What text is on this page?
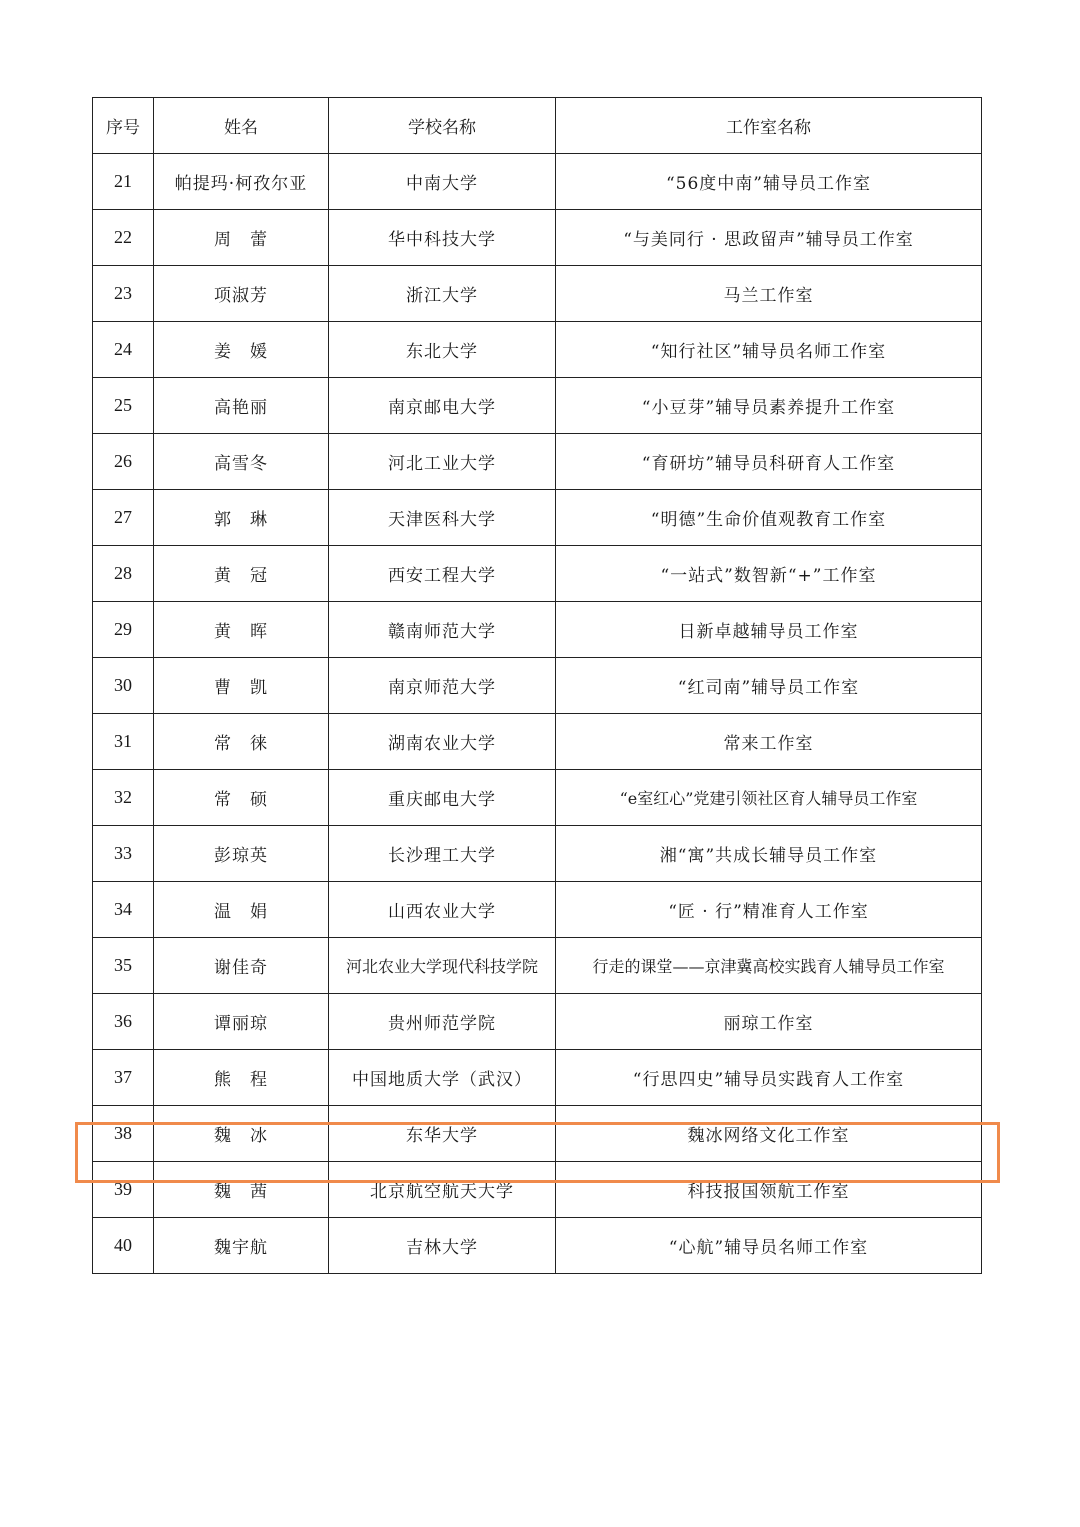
序号	姓名	学校名称	工作室名称
21	帕提玛·柯孜尔亚	中南大学	“56度中南”辅导员工作室
22	周　蕾	华中科技大学	“与美同行 · 思政留声”辅导员工作室
23	项淑芳	浙江大学	马兰工作室
24	姜　媛	东北大学	“知行社区”辅导员名师工作室
25	高艳丽	南京邮电大学	“小豆芽”辅导员素养提升工作室
26	高雪冬	河北工业大学	“育研坊”辅导员科研育人工作室
27	郭　琳	天津医科大学	“明德”生命价值观教育工作室
28	黄　冠	西安工程大学	“一站式”数智新“+”工作室
29	黄　晖	赣南师范大学	日新卓越辅导员工作室
30	曹　凯	南京师范大学	“红司南”辅导员工作室
31	常　徕	湖南农业大学	常来工作室
32	常　硕	重庆邮电大学	“e室红心”党建引领社区育人辅导员工作室
33	彭琼英	长沙理工大学	湘“寓”共成长辅导员工作室
34	温　娟	山西农业大学	“匠 · 行”精准育人工作室
35	谢佳奇	河北农业大学现代科技学院	行走的课堂——京津冀高校实践育人辅导员工作室
36	谭丽琼	贵州师范学院	丽琼工作室
37	熊　程	中国地质大学（武汉）	“行思四史”辅导员实践育人工作室
38	魏　冰	东华大学	魏冰网络文化工作室
39	魏　茜	北京航空航天大学	科技报国领航工作室
40	魏宇航	吉林大学	“心航”辅导员名师工作室
